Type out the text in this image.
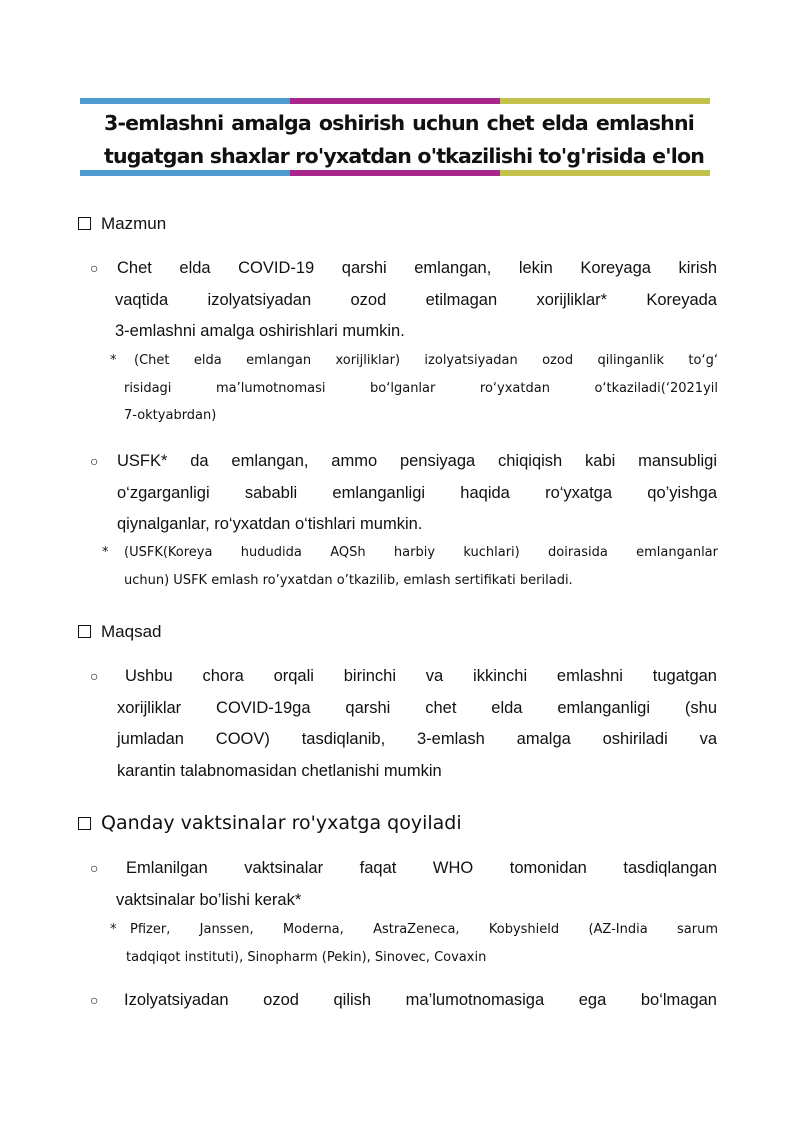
3-emlashni amalga oshirish uchun chet elda emlashni
tugatgan shaxlar ro'yxatdan o'tkazilishi to'g'risida e'lon
Mazmun
○ Chet elda COVID-19 qarshi emlangan, lekin Koreyaga kirish
vaqtida izolyatsiyadan ozod etilmagan xorijliklar* Koreyada
3-emlashni amalga oshirishlari mumkin.
* (Chet elda emlangan xorijliklar) izolyatsiyadan ozod qilinganlik to‘g‘
risidagi ma’lumotnomasi bo‘lganlar ro‘yxatdan o‘tkaziladi(‘2021yil
7-oktyabrdan)
○ USFK* da emlangan, ammo pensiyaga chiqiqish kabi mansubligi
o‘zgarganligi sababli emlanganligi haqida ro‘yxatga qo’yishga
qiynalganlar, ro‘yxatdan o‘tishlari mumkin.
* (USFK(Koreya hududida AQSh harbiy kuchlari) doirasida emlanganlar
uchun) USFK emlash ro’yxatdan o’tkazilib, emlash sertifikati beriladi.
Maqsad
○	Ushbu chora orqali birinchi va ikkinchi emlashni tugatgan
xorijliklar COVID-19ga qarshi chet elda emlanganligi (shu
jumladan COOV) tasdiqlanib, 3-emlash amalga oshiriladi va
karantin talabnomasidan chetlanishi mumkin
Qanday vaktsinalar ro'yxatga qoyiladi
○	Emlanilgan vaktsinalar faqat WHO tomonidan tasdiqlangan
vaktsinalar bo’lishi kerak*
* Pfizer, Janssen, Moderna, AstraZeneca, Kobyshield (AZ-India sarum
tadqiqot instituti), Sinopharm (Pekin), Sinovec, Covaxin
○ Izolyatsiyadan ozod qilish ma’lumotnomasiga ega bo‘lmagan
